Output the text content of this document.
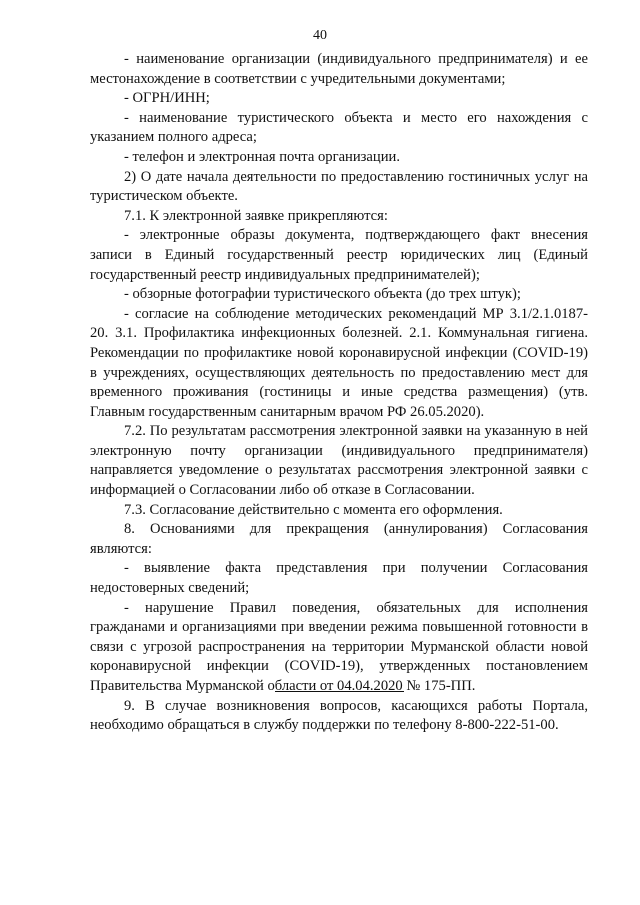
40

- наименование организации (индивидуального предпринимателя) и ее местонахождение в соответствии с учредительными документами;

- ОГРН/ИНН;

- наименование туристического объекта и место его нахождения с указанием полного адреса;

- телефон и электронная почта организации.

2) О дате начала деятельности по предоставлению гостиничных услуг на туристическом объекте.

7.1. К электронной заявке прикрепляются:

- электронные образы документа, подтверждающего факт внесения записи в Единый государственный реестр юридических лиц (Единый государственный реестр индивидуальных предпринимателей);

- обзорные фотографии туристического объекта (до трех штук);

- согласие на соблюдение методических рекомендаций МР 3.1/2.1.0187-20. 3.1. Профилактика инфекционных болезней. 2.1. Коммунальная гигиена. Рекомендации по профилактике новой коронавирусной инфекции (COVID-19) в учреждениях, осуществляющих деятельность по предоставлению мест для временного проживания (гостиницы и иные средства размещения) (утв. Главным государственным санитарным врачом РФ 26.05.2020).

7.2. По результатам рассмотрения электронной заявки на указанную в ней электронную почту организации (индивидуального предпринимателя) направляется уведомление о результатах рассмотрения электронной заявки с информацией о Согласовании либо об отказе в Согласовании.

7.3. Согласование действительно с момента его оформления.

8. Основаниями для прекращения (аннулирования) Согласования являются:

- выявление факта представления при получении Согласования недостоверных сведений;

- нарушение Правил поведения, обязательных для исполнения гражданами и организациями при введении режима повышенной готовности в связи с угрозой распространения на территории Мурманской области новой коронавирусной инфекции (COVID-19), утвержденных постановлением Правительства Мурманской области от 04.04.2020 № 175-ПП.

9. В случае возникновения вопросов, касающихся работы Портала, необходимо обращаться в службу поддержки по телефону 8-800-222-51-00.
